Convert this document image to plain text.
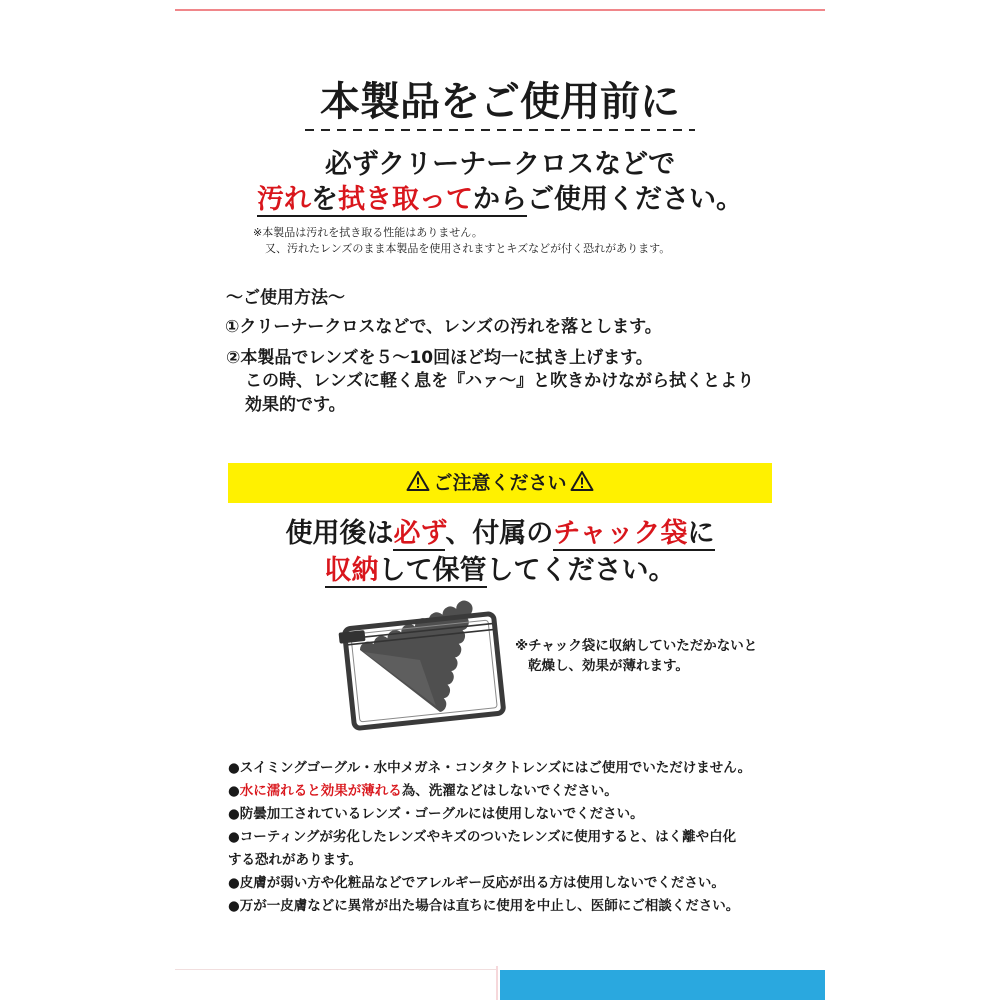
本製品をご使用前に
必ずクリーナークロスなどで
汚れを拭き取ってからご使用ください。
※本製品は汚れを拭き取る性能はありません。
又、汚れたレンズのまま本製品を使用されますとキズなどが付く恐れがあります。
～ご使用方法～
①クリーナークロスなどで、レンズの汚れを落とします。
②本製品でレンズを５～10回ほど均一に拭き上げます。
この時、レンズに軽く息を『ハァ～』と吹きかけながら拭くとより
効果的です。
ご注意ください
使用後は必ず、付属のチャック袋に
収納して保管してください。
※チャック袋に収納していただかないと
乾燥し、効果が薄れます。
●スイミングゴーグル・水中メガネ・コンタクトレンズにはご使用でいただけません。
●水に濡れると効果が薄れる為、洗濯などはしないでください。
●防曇加工されているレンズ・ゴーグルには使用しないでください。
●コーティングが劣化したレンズやキズのついたレンズに使用すると、はく離や白化
する恐れがあります。
●皮膚が弱い方や化粧品などでアレルギー反応が出る方は使用しないでください。
●万が一皮膚などに異常が出た場合は直ちに使用を中止し、医師にご相談ください。
